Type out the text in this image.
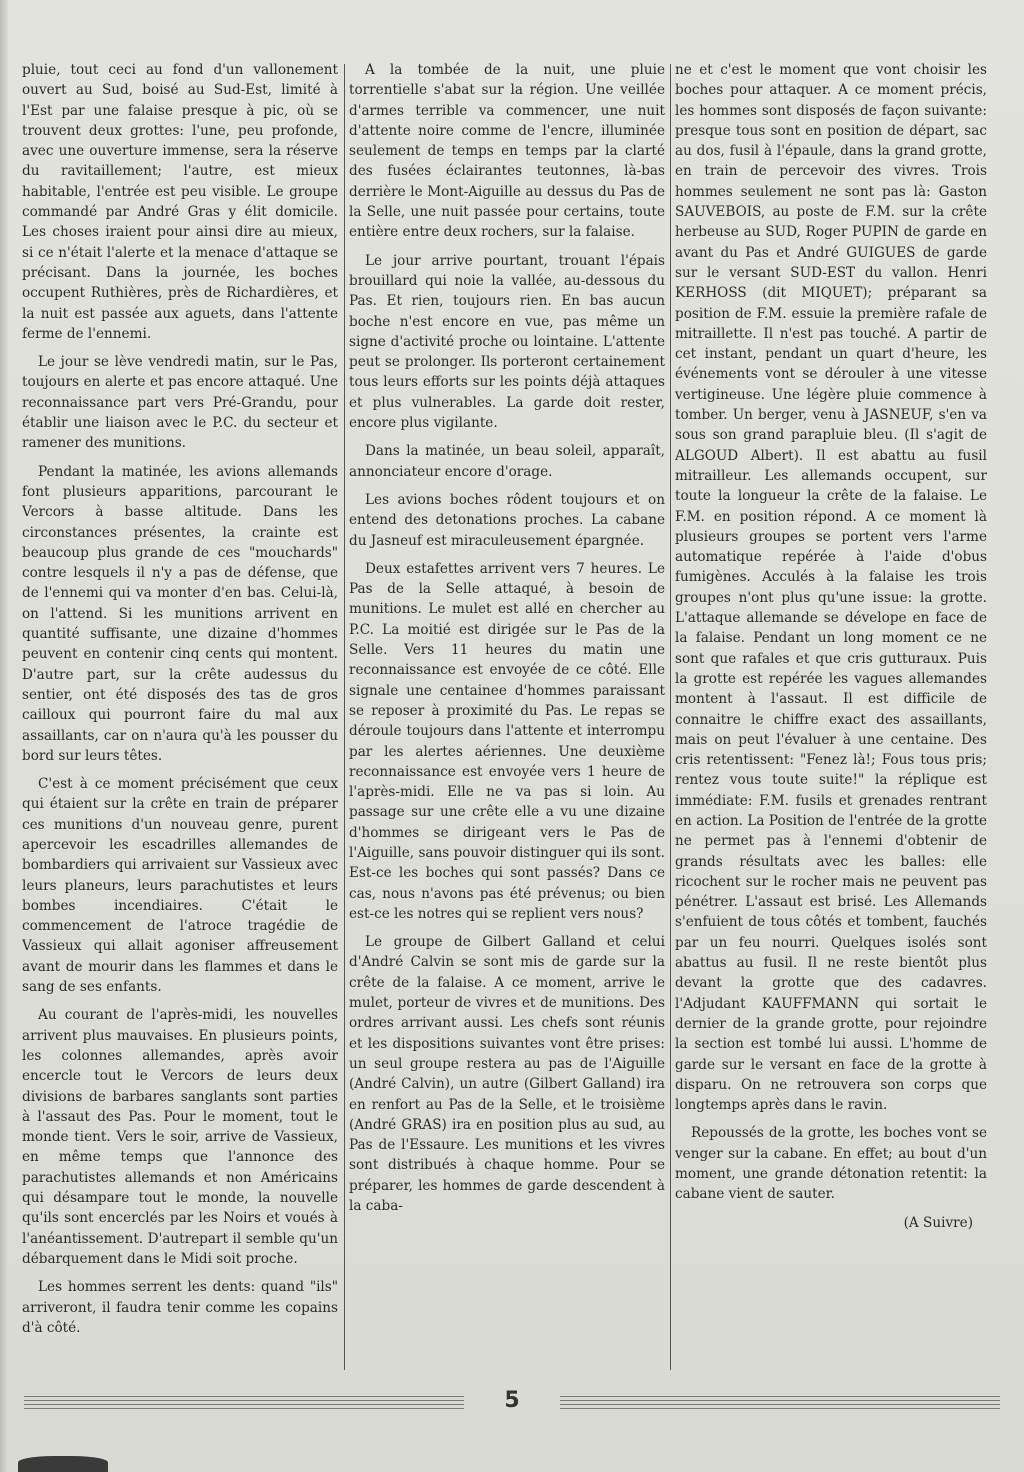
pluie, tout ceci au fond d'un vallonement ouvert au Sud, boisé au Sud-Est, limité à l'Est par une falaise presque à pic, où se trouvent deux grottes: l'une, peu profonde, avec une ouverture immense, sera la réserve du ravitaillement; l'autre, est mieux habitable, l'entrée est peu visible. Le groupe commandé par André Gras y élit domicile. Les choses iraient pour ainsi dire au mieux, si ce n'était l'alerte et la menace d'attaque se précisant. Dans la journée, les boches occupent Ruthières, près de Richardières, et la nuit est passée aux aguets, dans l'attente ferme de l'ennemi.

Le jour se lève vendredi matin, sur le Pas, toujours en alerte et pas encore attaqué. Une reconnaissance part vers Pré-Grandu, pour établir une liaison avec le P.C. du secteur et ramener des munitions.

Pendant la matinée, les avions allemands font plusieurs apparitions, parcourant le Vercors à basse altitude. Dans les circonstances présentes, la crainte est beaucoup plus grande de ces "mouchards" contre lesquels il n'y a pas de défense, que de l'ennemi qui va monter d'en bas. Celui-là, on l'attend. Si les munitions arrivent en quantité suffisante, une dizaine d'hommes peuvent en contenir cinq cents qui montent. D'autre part, sur la crête audessus du sentier, ont été disposés des tas de gros cailloux qui pourront faire du mal aux assaillants, car on n'aura qu'à les pousser du bord sur leurs têtes.

C'est à ce moment précisément que ceux qui étaient sur la crête en train de préparer ces munitions d'un nouveau genre, purent apercevoir les escadrilles allemandes de bombardiers qui arrivaient sur Vassieux avec leurs planeurs, leurs parachutistes et leurs bombes incendiaires. C'était le commencement de l'atroce tragédie de Vassieux qui allait agoniser affreusement avant de mourir dans les flammes et dans le sang de ses enfants.

Au courant de l'après-midi, les nouvelles arrivent plus mauvaises. En plusieurs points, les colonnes allemandes, après avoir encercle tout le Vercors de leurs deux divisions de barbares sanglants sont parties à l'assaut des Pas. Pour le moment, tout le monde tient. Vers le soir, arrive de Vassieux, en même temps que l'annonce des parachutistes allemands et non Américains qui désampare tout le monde, la nouvelle qu'ils sont encerclés par les Noirs et voués à l'anéantissement. D'autrepart il semble qu'un débarquement dans le Midi soit proche.

Les hommes serrent les dents: quand "ils" arriveront, il faudra tenir comme les copains d'à côté.

A la tombée de la nuit, une pluie torrentielle s'abat sur la région. Une veillée d'armes terrible va commencer, une nuit d'attente noire comme de l'encre, illuminée seulement de temps en temps par la clarté des fusées éclairantes teutonnes, là-bas derrière le Mont-Aiguille au dessus du Pas de la Selle, une nuit passée pour certains, toute entière entre deux rochers, sur la falaise.

Le jour arrive pourtant, trouant l'épais brouillard qui noie la vallée, au-dessous du Pas. Et rien, toujours rien. En bas aucun boche n'est encore en vue, pas même un signe d'activité proche ou lointaine. L'attente peut se prolonger. Ils porteront certainement tous leurs efforts sur les points déjà attaques et plus vulnerables. La garde doit rester, encore plus vigilante.

Dans la matinée, un beau soleil, apparaît, annonciateur encore d'orage.

Les avions boches rôdent toujours et on entend des detonations proches. La cabane du Jasneuf est miraculeusement épargnée.

Deux estafettes arrivent vers 7 heures. Le Pas de la Selle attaqué, à besoin de munitions. Le mulet est allé en chercher au P.C. La moitié est dirigée sur le Pas de la Selle. Vers 11 heures du matin une reconnaissance est envoyée de ce côté. Elle signale une centainee d'hommes paraissant se reposer à proximité du Pas. Le repas se déroule toujours dans l'attente et interrompu par les alertes aériennes. Une deuxième reconnaissance est envoyée vers 1 heure de l'après-midi. Elle ne va pas si loin. Au passage sur une crête elle a vu une dizaine d'hommes se dirigeant vers le Pas de l'Aiguille, sans pouvoir distinguer qui ils sont. Est-ce les boches qui sont passés? Dans ce cas, nous n'avons pas été prévenus; ou bien est-ce les notres qui se replient vers nous?

Le groupe de Gilbert Galland et celui d'André Calvin se sont mis de garde sur la crête de la falaise. A ce moment, arrive le mulet, porteur de vivres et de munitions. Des ordres arrivant aussi. Les chefs sont réunis et les dispositions suivantes vont être prises: un seul groupe restera au pas de l'Aiguille (André Calvin), un autre (Gilbert Galland) ira en renfort au Pas de la Selle, et le troisième (André GRAS) ira en position plus au sud, au Pas de l'Essaure. Les munitions et les vivres sont distribués à chaque homme. Pour se préparer, les hommes de garde descendent à la caba-

ne et c'est le moment que vont choisir les boches pour attaquer. A ce moment précis, les hommes sont disposés de façon suivante: presque tous sont en position de départ, sac au dos, fusil à l'épaule, dans la grand grotte, en train de percevoir des vivres. Trois hommes seulement ne sont pas là: Gaston SAUVEBOIS, au poste de F.M. sur la crête herbeuse au SUD, Roger PUPIN de garde en avant du Pas et André GUIGUES de garde sur le versant SUD-EST du vallon. Henri KERHOSS (dit MIQUET); préparant sa position de F.M. essuie la première rafale de mitraillette. Il n'est pas touché. A partir de cet instant, pendant un quart d'heure, les événements vont se dérouler à une vitesse vertigineuse. Une légère pluie commence à tomber. Un berger, venu à JASNEUF, s'en va sous son grand parapluie bleu. (Il s'agit de ALGOUD Albert). Il est abattu au fusil mitrailleur. Les allemands occupent, sur toute la longueur la crête de la falaise. Le F.M. en position répond. A ce moment là plusieurs groupes se portent vers l'arme automatique repérée à l'aide d'obus fumigènes. Acculés à la falaise les trois groupes n'ont plus qu'une issue: la grotte. L'attaque allemande se dévelope en face de la falaise. Pendant un long moment ce ne sont que rafales et que cris gutturaux. Puis la grotte est repérée les vagues allemandes montent à l'assaut. Il est difficile de connaitre le chiffre exact des assaillants, mais on peut l'évaluer à une centaine. Des cris retentissent: "Fenez là!; Fous tous pris; rentez vous toute suite!" la réplique est immédiate: F.M. fusils et grenades rentrant en action. La Position de l'entrée de la grotte ne permet pas à l'ennemi d'obtenir de grands résultats avec les balles: elle ricochent sur le rocher mais ne peuvent pas pénétrer. L'assaut est brisé. Les Allemands s'enfuient de tous côtés et tombent, fauchés par un feu nourri. Quelques isolés sont abattus au fusil. Il ne reste bientôt plus devant la grotte que des cadavres. l'Adjudant KAUFFMANN qui sortait le dernier de la grande grotte, pour rejoindre la section est tombé lui aussi. L'homme de garde sur le versant en face de la grotte à disparu. On ne retrouvera son corps que longtemps après dans le ravin.

Repoussés de la grotte, les boches vont se venger sur la cabane. En effet; au bout d'un moment, une grande détonation retentit: la cabane vient de sauter.

(A Suivre)
5
